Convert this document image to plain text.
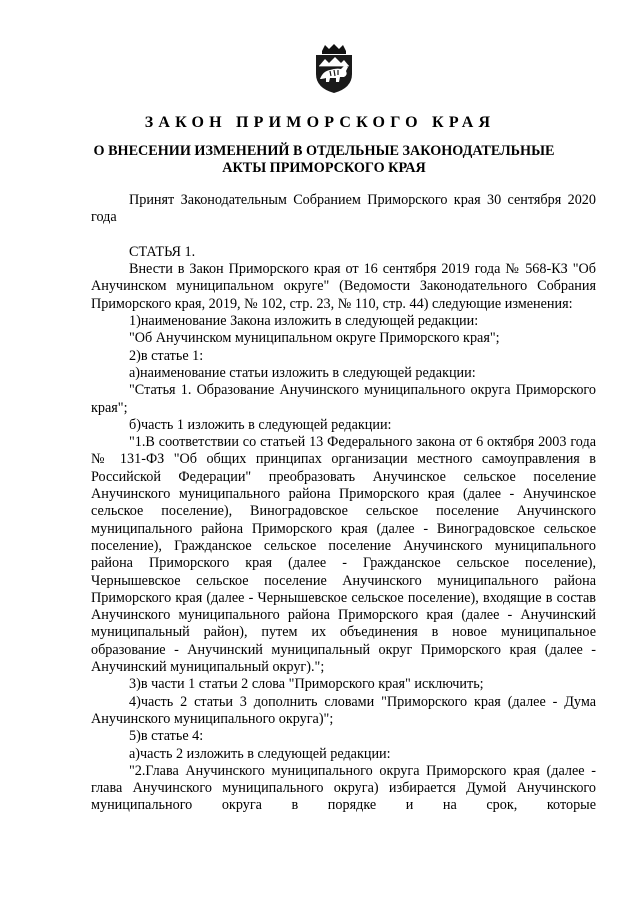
ЗАКОН ПРИМОРСКОГО КРАЯ
О ВНЕСЕНИИ ИЗМЕНЕНИЙ В ОТДЕЛЬНЫЕ ЗАКОНОДАТЕЛЬНЫЕ
АКТЫ ПРИМОРСКОГО КРАЯ

Принят Законодательным Собранием Приморского края 30 сентября 2020 года

СТАТЬЯ 1.

Внести в Закон Приморского края от 16 сентября 2019 года № 568-КЗ "Об Анучинском муниципальном округе" (Ведомости Законодательного Собрания Приморского края, 2019, № 102, стр. 23, № 110, стр. 44) следующие изменения:

1)наименование Закона изложить в следующей редакции:

"Об Анучинском муниципальном округе Приморского края";

2)в статье 1:

а)наименование статьи изложить в следующей редакции:

"Статья 1. Образование Анучинского муниципального округа Приморского края";

б)часть 1 изложить в следующей редакции:

"1.В соответствии со статьей 13 Федерального закона от 6 октября 2003 года № 131-ФЗ "Об общих принципах организации местного самоуправления в Российской Федерации" преобразовать Анучинское сельское поселение Анучинского муниципального района Приморского края (далее - Анучинское сельское поселение), Виноградовское сельское поселение Анучинского муниципального района Приморского края (далее - Виноградовское сельское поселение), Гражданское сельское поселение Анучинского муниципального района Приморского края (далее - Гражданское сельское поселение), Чернышевское сельское поселение Анучинского муниципального района Приморского края (далее - Чернышевское сельское поселение), входящие в состав Анучинского муниципального района Приморского края (далее - Анучинский муниципальный район), путем их объединения в новое муниципальное образование - Анучинский муниципальный округ Приморского края (далее - Анучинский муниципальный округ).";

3)в части 1 статьи 2 слова "Приморского края" исключить;

4)часть 2 статьи 3 дополнить словами "Приморского края (далее - Дума Анучинского муниципального округа)";

5)в статье 4:

а)часть 2 изложить в следующей редакции:

"2.Глава Анучинского муниципального округа Приморского края (далее - глава Анучинского муниципального округа) избирается Думой Анучинского муниципального округа в порядке и на срок, которые
